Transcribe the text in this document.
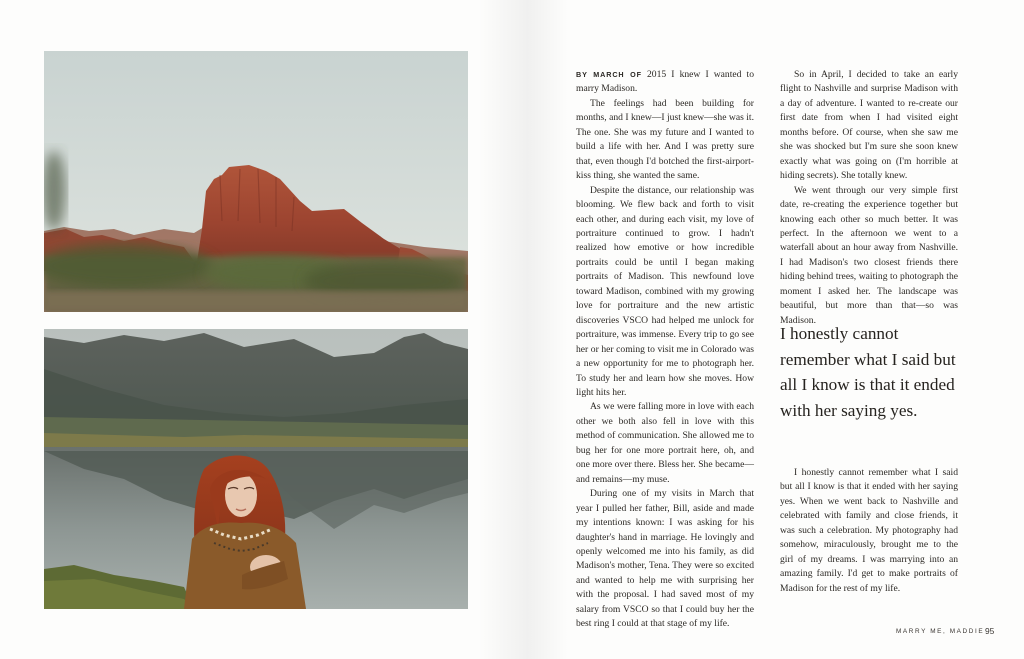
BY MARCH OF 2015 I knew I wanted to marry Madison.

The feelings had been building for months, and I knew—I just knew—she was it. The one. She was my future and I wanted to build a life with her. And I was pretty sure that, even though I'd botched the first-airport-kiss thing, she wanted the same.

Despite the distance, our relationship was blooming. We flew back and forth to visit each other, and during each visit, my love of portraiture continued to grow. I hadn't realized how emotive or how incredible portraits could be until I began making portraits of Madison. This newfound love toward Madison, combined with my growing love for portraiture and the new artistic discoveries VSCO had helped me unlock for portraiture, was immense. Every trip to go see her or her coming to visit me in Colorado was a new opportunity for me to photograph her. To study her and learn how she moves. How light hits her.

As we were falling more in love with each other we both also fell in love with this method of communication. She allowed me to bug her for one more portrait here, oh, and one more over there. Bless her. She became—and remains—my muse.

During one of my visits in March that year I pulled her father, Bill, aside and made my intentions known: I was asking for his daughter's hand in marriage. He lovingly and openly welcomed me into his family, as did Madison's mother, Tena. They were so excited and wanted to help me with surprising her with the proposal. I had saved most of my salary from VSCO so that I could buy her the best ring I could at that stage of my life.

So in April, I decided to take an early flight to Nashville and surprise Madison with a day of adventure. I wanted to re-create our first date from when I had visited eight months before. Of course, when she saw me she was shocked but I'm sure she soon knew exactly what was going on (I'm horrible at hiding secrets). She totally knew.

We went through our very simple first date, re-creating the experience together but knowing each other so much better. It was perfect. In the afternoon we went to a waterfall about an hour away from Nashville. I had Madison's two closest friends there hiding behind trees, waiting to photograph the moment I asked her. The landscape was beautiful, but more than that—so was Madison.

I honestly cannot remember what I said but all I know is that it ended with her saying yes.

I honestly cannot remember what I said but all I know is that it ended with her saying yes. When we went back to Nashville and celebrated with family and close friends, it was such a celebration. My photography had somehow, miraculously, brought me to the girl of my dreams. I was marrying into an amazing family. I'd get to make portraits of Madison for the rest of my life.

MARRY ME, MADDIE 95
